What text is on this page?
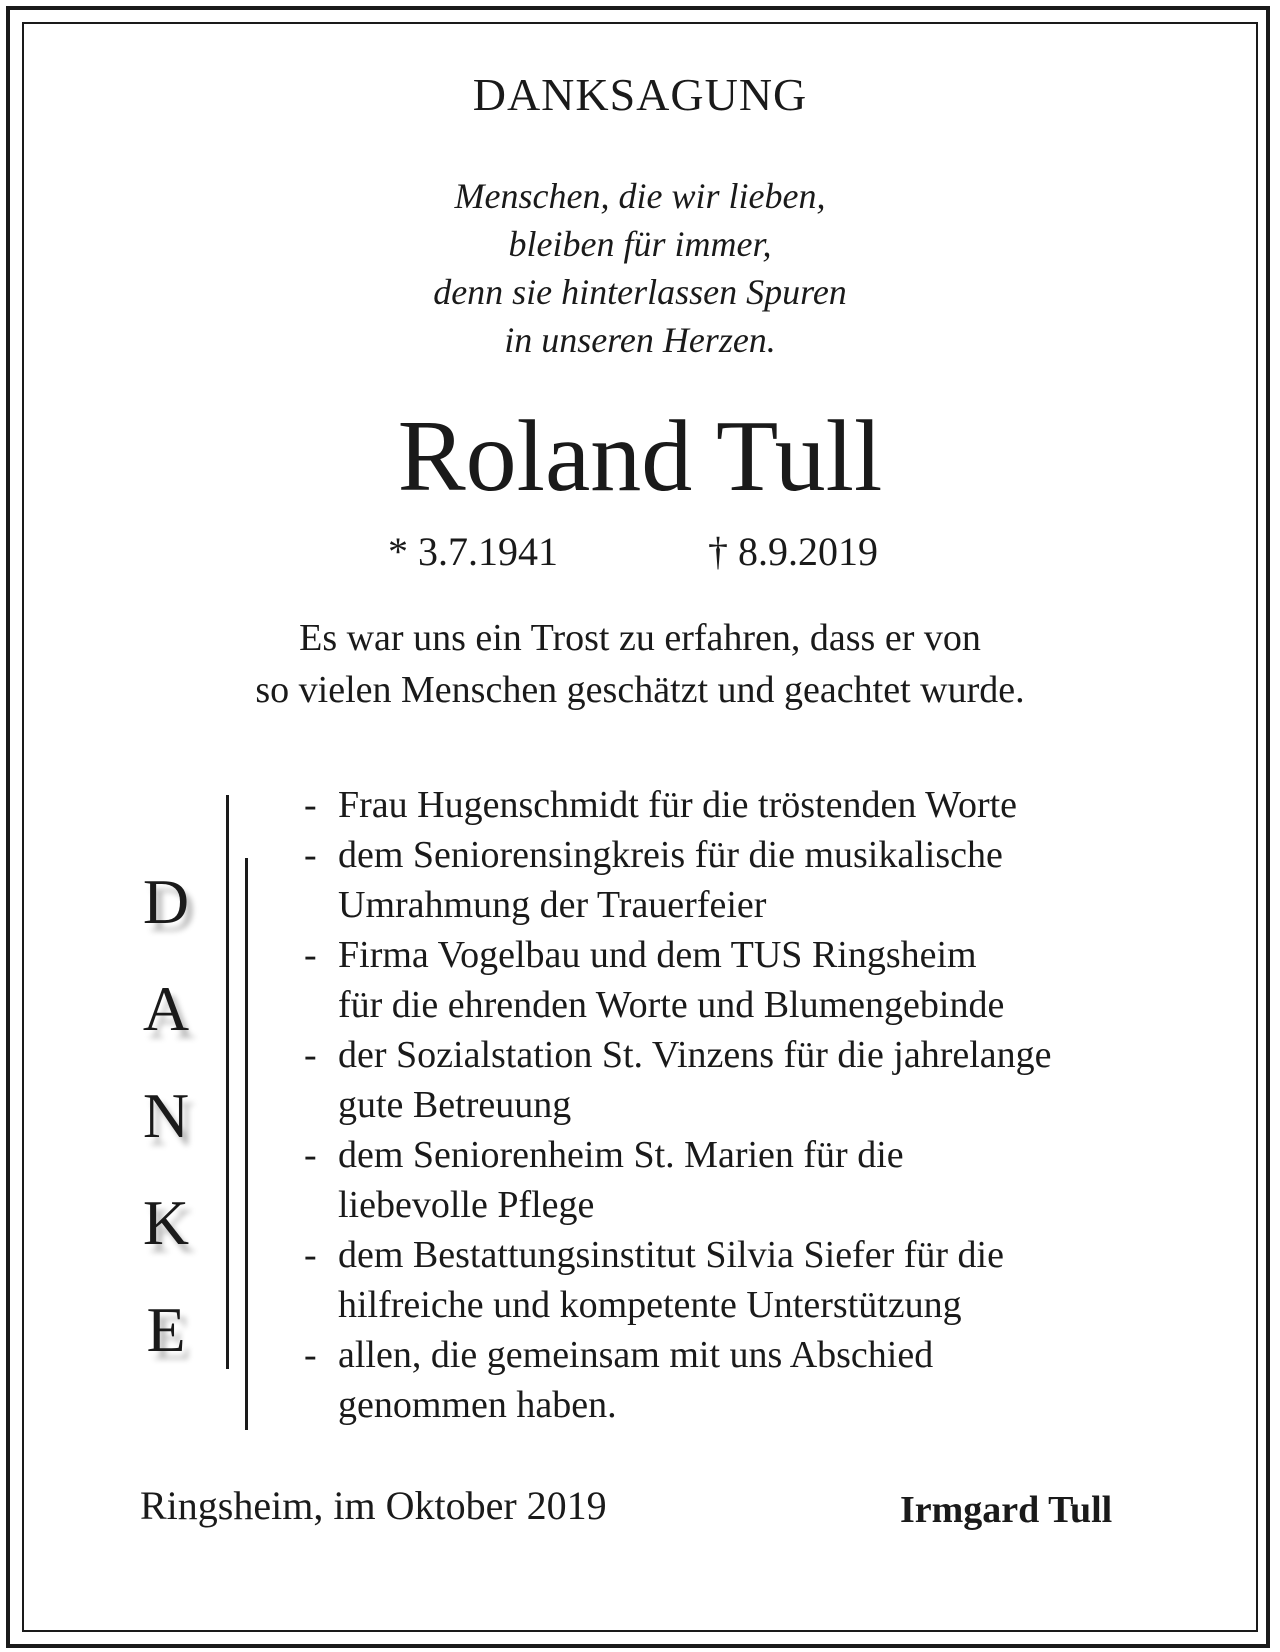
DANKSAGUNG
Menschen, die wir lieben,
bleiben für immer,
denn sie hinterlassen Spuren
in unseren Herzen.
Roland Tull
* 3.7.1941	† 8.9.2019
Es war uns ein Trost zu erfahren, dass er von
so vielen Menschen geschätzt und geachtet wurde.
D
A
N
K
E
- Frau Hugenschmidt für die tröstenden Worte
- dem Seniorensingkreis für die musikalische
Umrahmung der Trauerfeier
- Firma Vogelbau und dem TUS Ringsheim
für die ehrenden Worte und Blumengebinde
- der Sozialstation St. Vinzens für die jahrelange
gute Betreuung
- dem Seniorenheim St. Marien für die
liebevolle Pflege
- dem Bestattungsinstitut Silvia Siefer für die
hilfreiche und kompetente Unterstützung
- allen, die gemeinsam mit uns Abschied
genommen haben.
Ringsheim, im Oktober 2019	Irmgard Tull
